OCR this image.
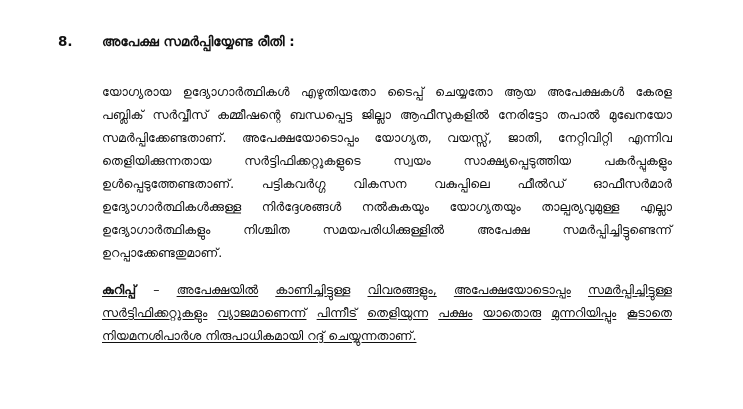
8. അപേക്ഷ സമർപ്പിയ്യേണ്ട രീതി :
യോഗ്യരായ ഉദ്യോഗാർത്ഥികൾ എഴുതിയതോ ടൈപ്പ് ചെയ്യതോ ആയ അപേക്ഷകൾ കേരള
പബ്ലിക് സർവ്വീസ് കമ്മീഷന്റെ ബന്ധപ്പെട്ട ജില്ലാ ആഫീസുകളിൽ നേരിട്ടോ തപാൽ മുഖേനയോ
സമർപ്പിക്കേണ്ടതാണ്. അപേക്ഷയോടൊപ്പം യോഗ്യത, വയസ്സ്, ജാതി, നേറ്റിവിറ്റി എന്നിവ
തെളിയിക്കുന്നതായ	സർട്ടിഫിക്കറ്റുകളുടെ	സ്വയം	സാക്ഷ്യപ്പെടുത്തിയ	പകർപ്പുകളും
ഉൾപ്പെടുത്തേണ്ടതാണ്. പട്ടികവർഗ്ഗ വികസന വകുപ്പിലെ ഫീൽഡ് ഓഫീസർമാർ
ഉദ്യോഗാർത്ഥികൾക്കുള്ള നിർദ്ദേശങ്ങൾ നൽകുകയും യോഗ്യതയും താല്പര്യവുമുള്ള എല്ലാ
ഉദ്യോഗാർത്ഥികളും	നിശ്ചിത	സമയപരിധിക്കുള്ളിൽ	അപേക്ഷ	സമർപ്പിച്ചിട്ടുണ്ടെന്ന്
ഉറപ്പാക്കേണ്ടതുമാണ്.
കുറിപ്പ് – അപേക്ഷയിൽ കാണിച്ചിട്ടുള്ള വിവരങ്ങളും, അപേക്ഷയോടൊപ്പം സമർപ്പിച്ചിട്ടുള്ള
സർട്ടിഫിക്കറ്റുകളും വ്യാജമാണെന്ന് പിന്നീട് തെളിയുന്ന പക്ഷം യാതൊരു മുന്നറിയിപ്പും കൂടാതെ
നിയമനശിപാർശ നിരുപാധികമായി റദ്ദ് ചെയ്യുന്നതാണ്.
